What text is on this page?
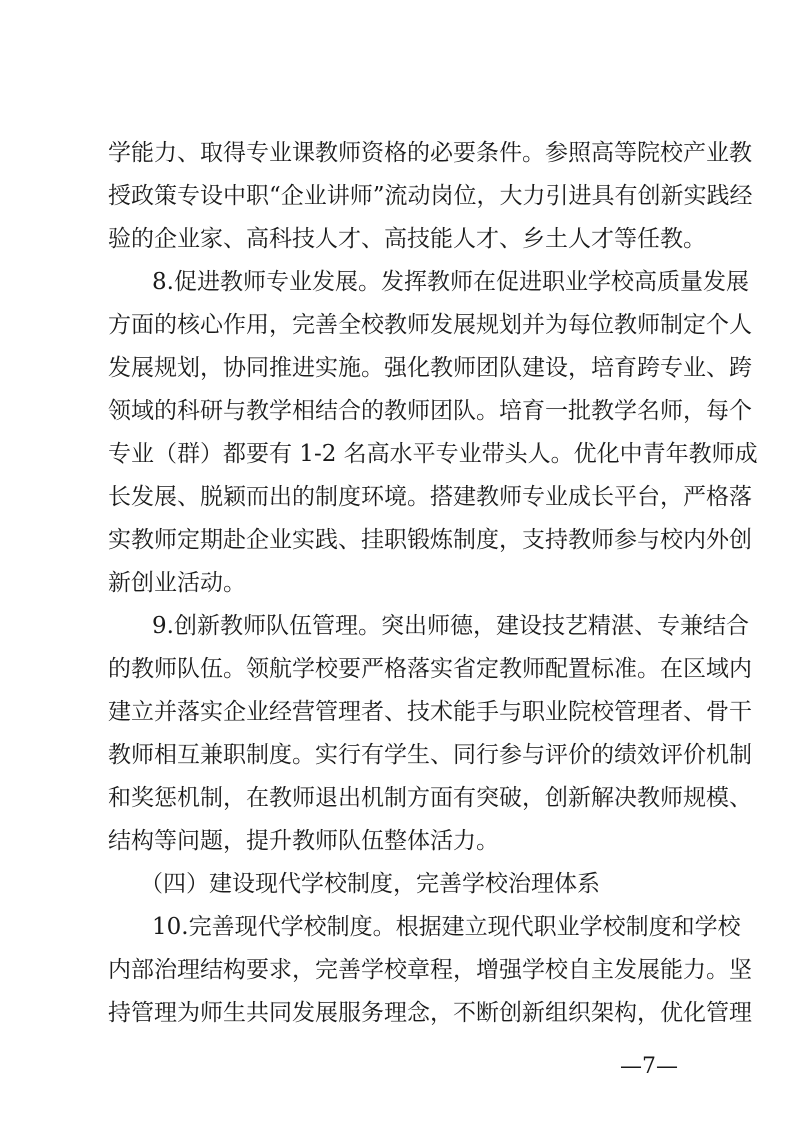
学能力、取得专业课教师资格的必要条件。参照高等院校产业教
授政策专设中职“企业讲师”流动岗位，大力引进具有创新实践经
验的企业家、高科技人才、高技能人才、乡土人才等任教。
8.促进教师专业发展。发挥教师在促进职业学校高质量发展
方面的核心作用，完善全校教师发展规划并为每位教师制定个人
发展规划，协同推进实施。强化教师团队建设，培育跨专业、跨
领域的科研与教学相结合的教师团队。培育一批教学名师，每个
专业（群）都要有 1-2 名高水平专业带头人。优化中青年教师成
长发展、脱颖而出的制度环境。搭建教师专业成长平台，严格落
实教师定期赴企业实践、挂职锻炼制度，支持教师参与校内外创
新创业活动。
9.创新教师队伍管理。突出师德，建设技艺精湛、专兼结合
的教师队伍。领航学校要严格落实省定教师配置标准。在区域内
建立并落实企业经营管理者、技术能手与职业院校管理者、骨干
教师相互兼职制度。实行有学生、同行参与评价的绩效评价机制
和奖惩机制，在教师退出机制方面有突破，创新解决教师规模、
结构等问题，提升教师队伍整体活力。
（四）建设现代学校制度，完善学校治理体系
10.完善现代学校制度。根据建立现代职业学校制度和学校
内部治理结构要求，完善学校章程，增强学校自主发展能力。坚
持管理为师生共同发展服务理念，不断创新组织架构，优化管理
—7—
